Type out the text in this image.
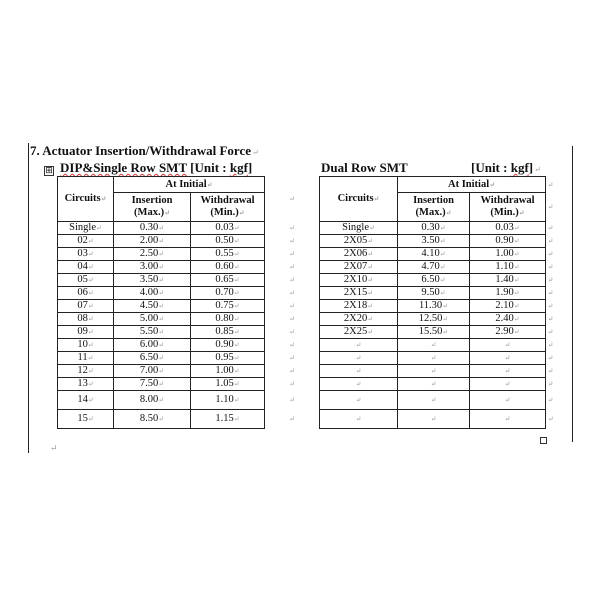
7. Actuator Insertion/Withdrawal Force↵
⊞ DIP&Single Row SMT [Unit : kgf]	Dual Row SMT	[Unit : kgf]↵
Circuits↵	At Initial↵		↵	Circuits↵	At Initial↵		↵
	Insertion
(Max.)↵	Withdrawal
(Min.)↵			Insertion
(Max.)↵	Withdrawal
(Min.)↵	↵
Single↵	0.30↵	0.03↵	↵	Single↵	0.30↵	0.03↵	↵
02↵	2.00↵	0.50↵	↵	2X05↵	3.50↵	0.90↵	↵
03↵	2.50↵	0.55↵	↵	2X06↵	4.10↵	1.00↵	↵
04↵	3.00↵	0.60↵	↵	2X07↵	4.70↵	1.10↵	↵
05↵	3.50↵	0.65↵	↵	2X10↵	6.50↵	1.40↵	↵
06↵	4.00↵	0.70↵	↵	2X15↵	9.50↵	1.90↵	↵
07↵	4.50↵	0.75↵	↵	2X18↵	11.30↵	2.10↵	↵
08↵	5.00↵	0.80↵	↵	2X20↵	12.50↵	2.40↵	↵
09↵	5.50↵	0.85↵	↵	2X25↵	15.50↵	2.90↵	↵
10↵	6.00↵	0.90↵	↵	↵	↵	↵	↵
11↵	6.50↵	0.95↵	↵	↵	↵	↵	↵
12↵	7.00↵	1.00↵	↵	↵	↵	↵	↵
13↵	7.50↵	1.05↵	↵	↵	↵	↵	↵
14↵	8.00↵	1.10↵	↵	↵	↵	↵	↵
15↵	8.50↵	1.15↵	↵	↵	↵	↵	↵
↵
